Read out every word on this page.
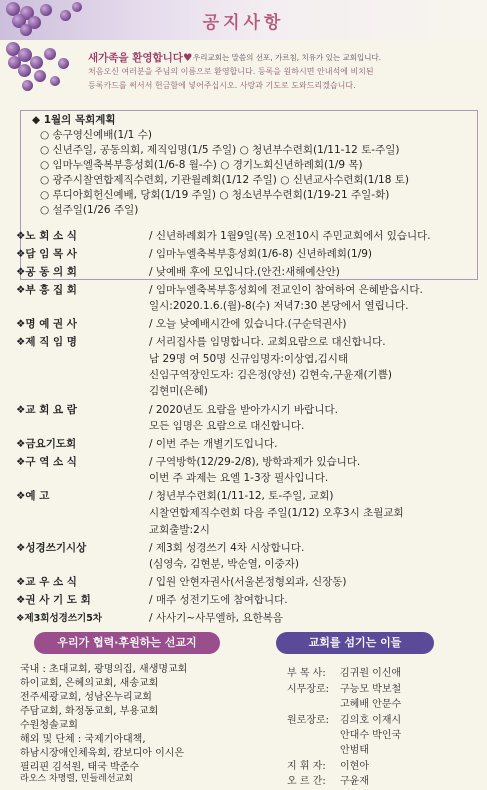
공지사항
새가족을 환영합니다♥ 우리교회는 말씀의 선포, 가르침, 치유가 있는 교회입니다.
처음오신 여러분을 주님의 이름으로 환영합니다. 등록을 원하시면 안내석에 비치된
등록카드를 써서서 헌금함에 넣어주십시오. 사랑과 기도로 도와드리겠습니다.
◆ 1월의 목회계획
○ 송구영신예배(1/1 수)
○ 신년주일, 공동의회, 제직임명(1/5 주일) ○ 청년부수련회(1/11-12 토-주일)
○ 임마누엘축복부흥성회(1/6-8 월-수) ○ 경기노회신년하례회(1/9 목)
○ 광주시찰연합제직수련회, 기관월례회(1/12 주일) ○ 신년교사수련회(1/18 토)
○ 루디아회헌신예배, 당회(1/19 주일) ○ 청소년부수련회(1/19-21 주일-화)
○ 설주일(1/26 주일)
❖노 회 소 식	/ 신년하례회가 1월9일(목) 오전10시 주민교회에서 있습니다.
❖담 임 목 사	/ 임마누엘축복부흥성회(1/6-8) 신년하례회(1/9)
❖공 동 의 회	/ 낮예배 후에 모입니다.(안건:새해예산안)
❖부 흥 집 회	/ 임마누엘축복부흥성회에 전교인이 참여하여 은혜받읍시다.
일시:2020.1.6.(월)-8(수) 저녁7:30 본당에서 열립니다.
❖명 예 권 사	/ 오늘 낮예배시간에 있습니다.(구순덕권사)
❖제 직 임 명	/ 서리집사를 임명합니다. 교회요람으로 대신합니다.
남 29명 여 50명 신규임명자:이상엽,김시태
신임구역장인도자: 김은정(양선) 김현숙,구윤재(기쁨)
김현미(은혜)
❖교 회 요 람	/ 2020년도 요람을 받아가시기 바랍니다.
모든 임명은 요람으로 대신합니다.
❖금요기도회	/ 이번 주는 개별기도입니다.
❖구 역 소 식	/ 구역방학(12/29-2/8), 방학과제가 있습니다.
이번 주 과제는 요엘 1-3장 필사입니다.
❖예 고	/ 청년부수련회(1/11-12, 토-주일, 교회)
시찰연합제직수련회 다음 주일(1/12) 오후3시 초월교회
교회출발:2시
❖성경쓰기시상	/ 제3회 성경쓰기 4차 시상합니다.
(심영숙, 김현분, 박순열, 이중자)
❖교 우 소 식	/ 입원 안현자권사(서울본정형외과, 신장동)
❖권 사 기 도 회	/ 매주 성전기도에 참여합니다.
❖제3회성경쓰기5차	/ 사사기~사무엘하, 요한복음
우리가 협력·후원하는 선교지
국내 : 초대교회, 광명의집, 새생명교회
하이교회, 은혜의교회, 새송교회
전주세광교회, 성남온누리교회
주담교회, 화정동교회, 부용교회
수원청솔교회
해외 및 단체 : 국제기아대책,
하남시장애인체육회, 캄보디아 이시은
필리핀 김석원, 태국 박준수
라오스 차명렬, 민들레선교회
교회를 섬기는 이들
부 목 사: 김귀원 이신애
시무장로: 구능모 박보철
고혜배 안문수
원로장로: 김의호 이재시
안대수 박인국
안범태
지 휘 자: 이현아
오 르 간: 구윤재
